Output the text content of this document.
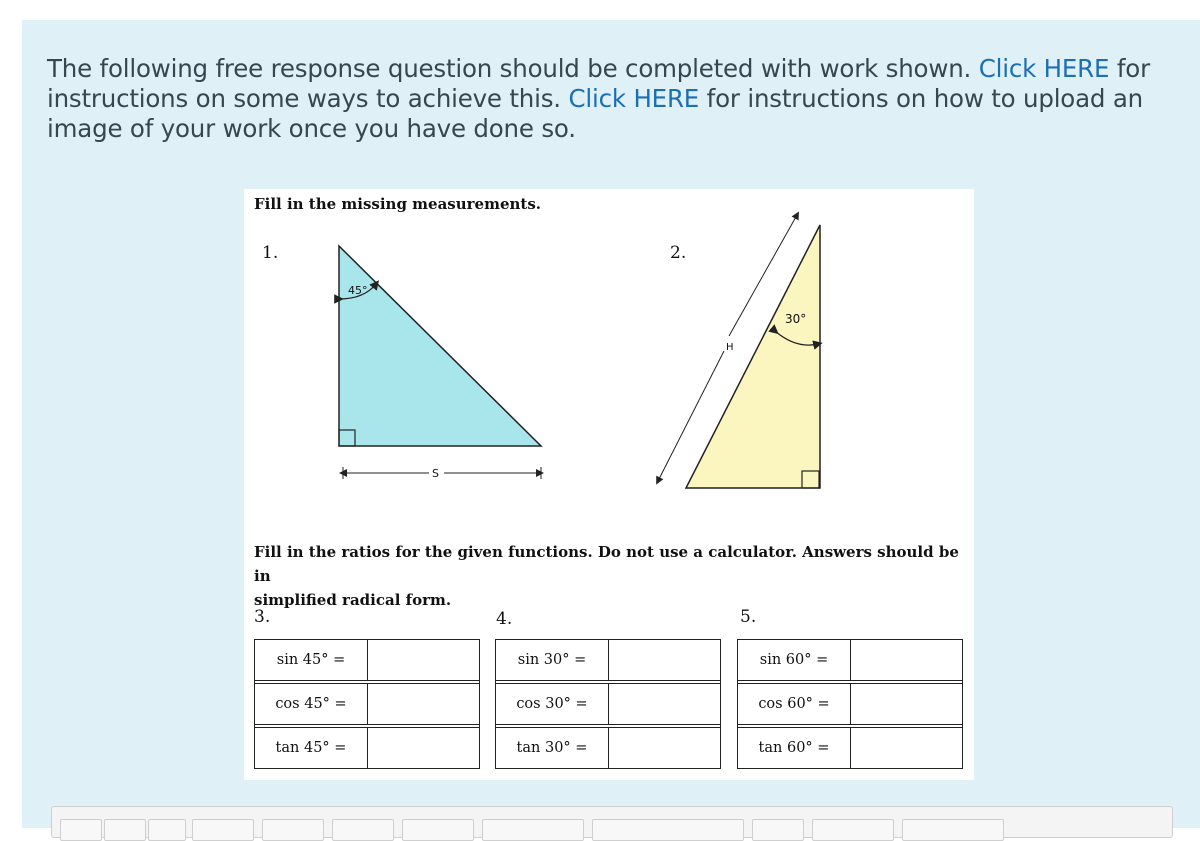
The following free response question should be completed with work shown. Click HERE for instructions on some ways to achieve this. Click HERE for instructions on how to upload an image of your work once you have done so.
Fill in the missing measurements.
1.	2.
45°
S
30°
H
Fill in the ratios for the given functions. Do not use a calculator. Answers should be in
simplified radical form.
3.	4.	5.
sin 45° =
cos 45° =
tan 45° =
sin 30° =
cos 30° =
tan 30° =
sin 60° =
cos 60° =
tan 60° =
